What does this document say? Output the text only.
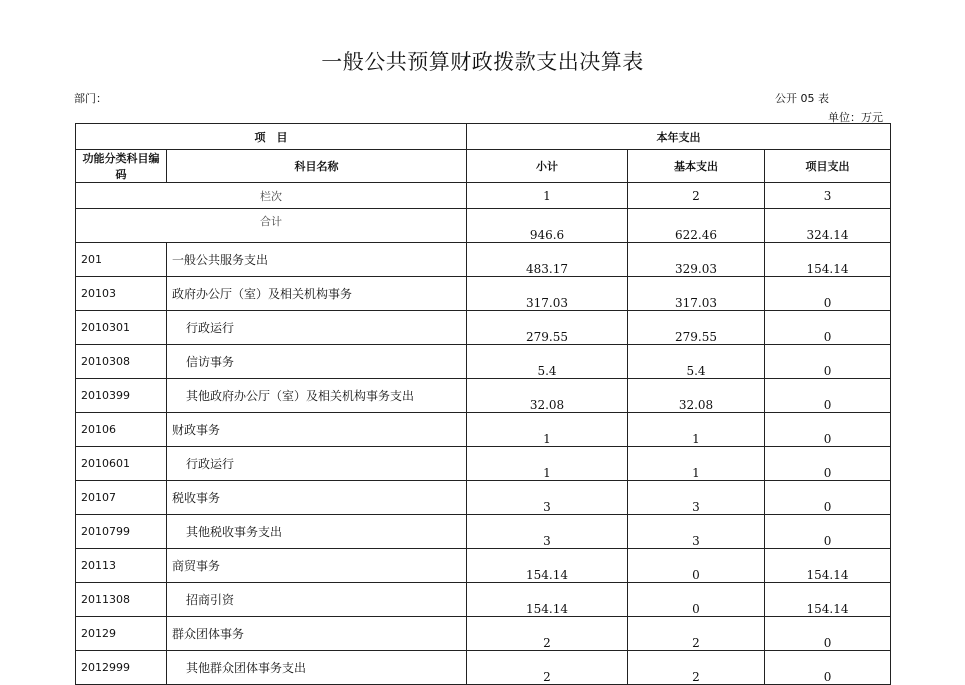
一般公共预算财政拨款支出决算表
部门：	公开 05 表
单位：万元
项　目		本年支出		
功能分类科目编码	科目名称	小计	基本支出	项目支出
栏次		1	2	3
合计		946.6	622.46	324.14
201	一般公共服务支出	483.17	329.03	154.14
20103	政府办公厅（室）及相关机构事务	317.03	317.03	0
2010301	行政运行	279.55	279.55	0
2010308	信访事务	5.4	5.4	0
2010399	其他政府办公厅（室）及相关机构事务支出	32.08	32.08	0
20106	财政事务	1	1	0
2010601	行政运行	1	1	0
20107	税收事务	3	3	0
2010799	其他税收事务支出	3	3	0
20113	商贸事务	154.14	0	154.14
2011308	招商引资	154.14	0	154.14
20129	群众团体事务	2	2	0
2012999	其他群众团体事务支出	2	2	0
